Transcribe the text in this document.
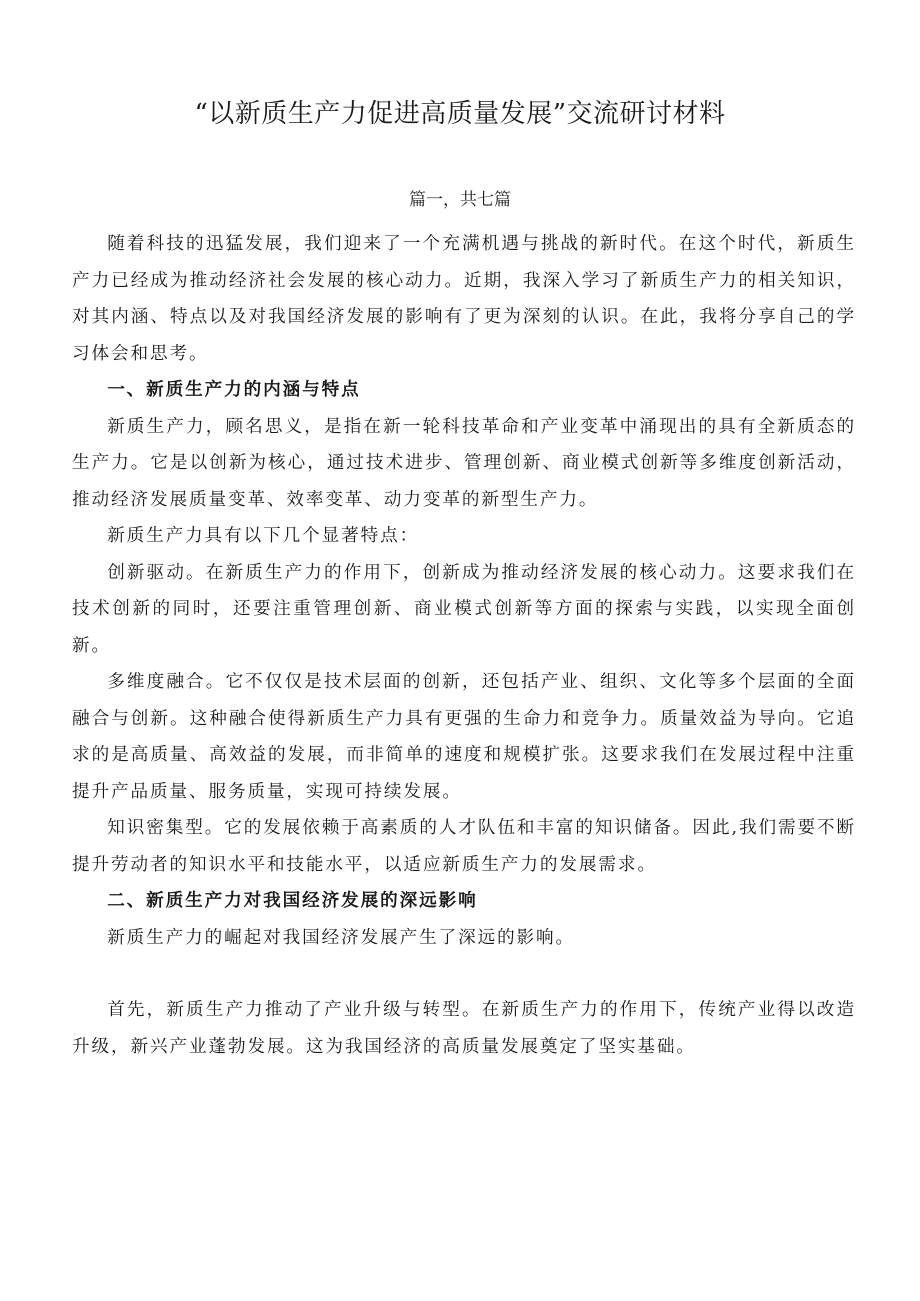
“以新质生产力促进高质量发展”交流研讨材料
篇一，共七篇

随着科技的迅猛发展，我们迎来了一个充满机遇与挑战的新时代。在这个时代，新质生产力已经成为推动经济社会发展的核心动力。近期，我深入学习了新质生产力的相关知识，对其内涵、特点以及对我国经济发展的影响有了更为深刻的认识。在此，我将分享自己的学习体会和思考。

一、新质生产力的内涵与特点

新质生产力，顾名思义，是指在新一轮科技革命和产业变革中涌现出的具有全新质态的生产力。它是以创新为核心，通过技术进步、管理创新、商业模式创新等多维度创新活动，推动经济发展质量变革、效率变革、动力变革的新型生产力。

新质生产力具有以下几个显著特点：

创新驱动。在新质生产力的作用下，创新成为推动经济发展的核心动力。这要求我们在技术创新的同时，还要注重管理创新、商业模式创新等方面的探索与实践，以实现全面创新。

多维度融合。它不仅仅是技术层面的创新，还包括产业、组织、文化等多个层面的全面融合与创新。这种融合使得新质生产力具有更强的生命力和竞争力。质量效益为导向。它追求的是高质量、高效益的发展，而非简单的速度和规模扩张。这要求我们在发展过程中注重提升产品质量、服务质量，实现可持续发展。

知识密集型。它的发展依赖于高素质的人才队伍和丰富的知识储备。因此,我们需要不断提升劳动者的知识水平和技能水平，以适应新质生产力的发展需求。

二、新质生产力对我国经济发展的深远影响

新质生产力的崛起对我国经济发展产生了深远的影响。

首先，新质生产力推动了产业升级与转型。在新质生产力的作用下，传统产业得以改造升级，新兴产业蓬勃发展。这为我国经济的高质量发展奠定了坚实基础。
